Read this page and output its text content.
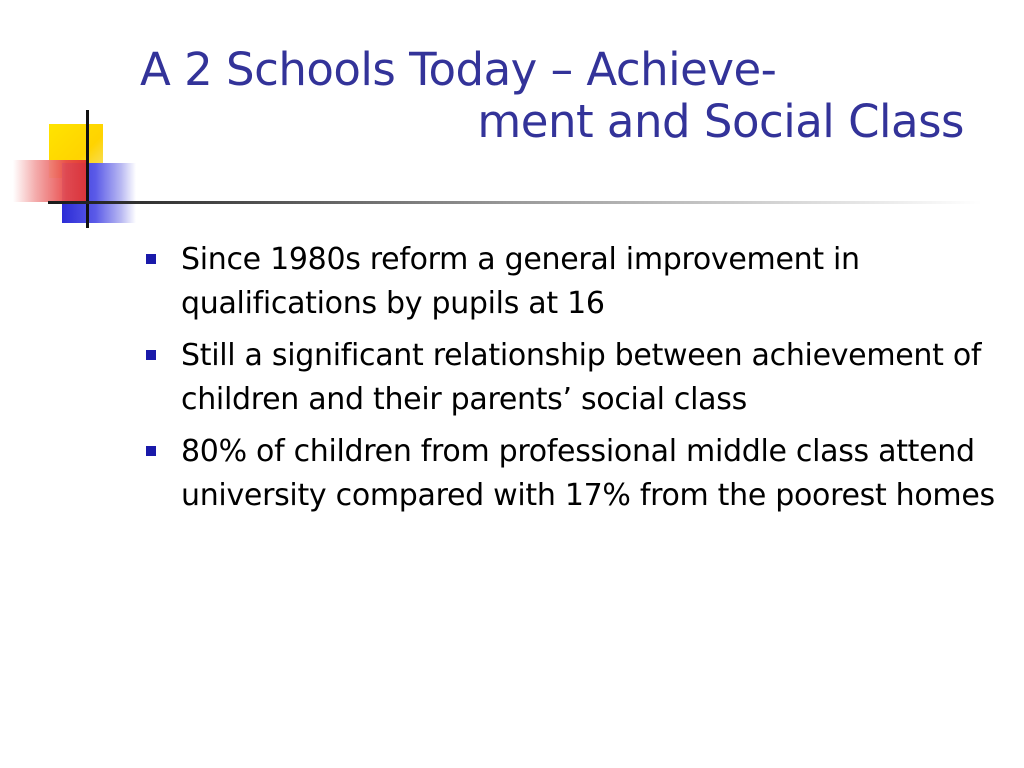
A 2 Schools Today – Achieve-
ment and Social Class
Since 1980s reform a general improvement in qualifications by pupils at 16
Still a significant relationship between achievement of children and their parents’ social class
80% of children from professional middle class attend university compared with 17% from the poorest homes
